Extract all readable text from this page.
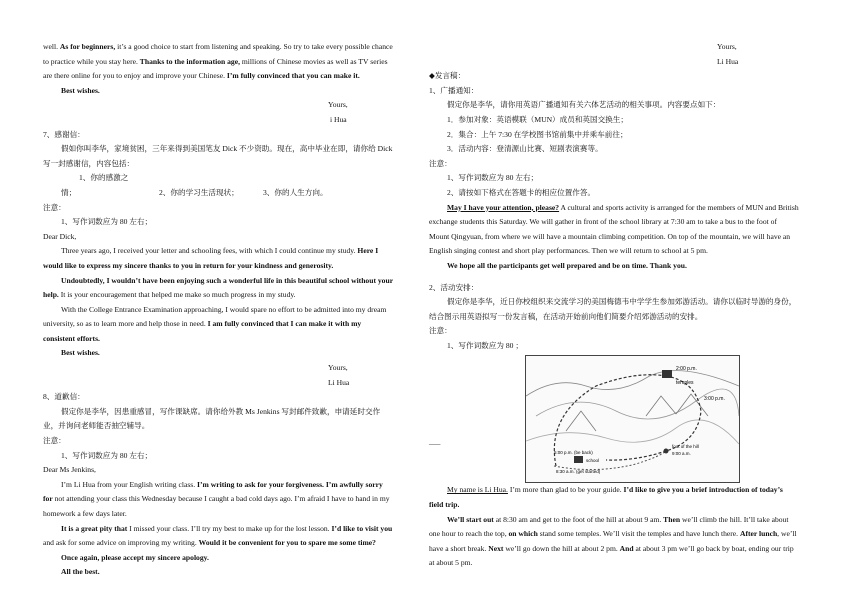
well. As for beginners, it’s a good choice to start from listening and speaking. So try to take every possible chance to practice while you stay here. Thanks to the information age, millions of Chinese movies as well as TV series are there online for you to enjoy and improve your Chinese. I’m fully convinced that you can make it.

Best wishes.

Yours,

i Hua

7、感谢信：

假如你叫李华，家境贫困，三年来得到美国笔友 Dick 不少资助。现在，高中毕业在即，请你给 Dick 写一封感谢信，内容包括：

1、你的感激之情；	2、你的学习生活现状；	3、你的人生方向。

注意：

1、写作词数应为 80 左右；

Dear Dick,

Three years ago, I received your letter and schooling fees, with which I could continue my study. Here I would like to express my sincere thanks to you in return for your kindness and generosity.

Undoubtedly, I wouldn’t have been enjoying such a wonderful life in this beautiful school without your help. It is your encouragement that helped me make so much progress in my study.

With the College Entrance Examination approaching, I would spare no effort to be admitted into my dream university, so as to learn more and help those in need. I am fully convinced that I can make it with my consistent efforts.

Best wishes.

Yours,

Li Hua

8、道歉信：

假定你是李华，因患重感冒，写作课缺席。请你给外教 Ms Jenkins 写封邮件致歉，申请延时交作业，并询问老师能否抽空辅导。

注意：

1、写作词数应为 80 左右；

Dear Ms Jenkins,

I’m Li Hua from your English writing class. I’m writing to ask for your forgiveness. I’m awfully sorry for not attending your class this Wednesday because I caught a bad cold days ago. I’m afraid I have to hand in my homework a few days later.

It is a great pity that I missed your class. I’ll try my best to make up for the lost lesson. I’d like to visit you and ask for some advice on improving my writing. Would it be convenient for you to spare me some time?

Once again, please accept my sincere apology.

All the best.

Yours,

Li Hua

◆发言稿：

1、广播通知：

假定你是李华，请你用英语广播通知有关六体艺活动的相关事项。内容要点如下：

1．参加对象：英语模联（MUN）成员和英国交换生；

2．集合：上午 7:30 在学校图书馆前集中并乘车前往；

3．活动内容：登清源山比赛、短剧表演赛等。

注意：

1、写作词数应为 80 左右；

2、请按如下格式在答题卡的相应位置作答。

May I have your attention, please? A cultural and sports activity is arranged for the members of MUN and British exchange students this Saturday. We will gather in front of the school library at 7:30 am to take a bus to the foot of Mount Qingyuan, from where we will have a mountain climbing competition. On top of the mountain, we will have an English singing contest and short play performances. Then we will return to school at 5 pm.

We hope all the participants get well prepared and be on time. Thank you.

2、活动安排：

假定你是李华，近日你校组织来交流学习的美国梅德韦中学学生参加郊游活动。请你以临时导游的身份，结合图示用英语拟写一份发言稿，在活动开始前向他们简要介绍郊游活动的安排。

注意：

1、写作词数应为 80 ；

___
2:00 p.m.
temples
3:00 p.m.
5:00 p.m. (be back)
school
8:30 a.m. (get started)
foot of the hill
9:00 a.m.

My name is Li Hua. I’m more than glad to be your guide. I’d like to give you a brief introduction of today’s field trip.

We’ll start out at 8:30 am and get to the foot of the hill at about 9 am. Then we’ll climb the hill. It’ll take about one hour to reach the top, on which stand some temples. We’ll visit the temples and have lunch there. After lunch, we’ll have a short break. Next we’ll go down the hill at about 2 pm. And at about 3 pm we’ll go back by boat, ending our trip at about 5 pm.
